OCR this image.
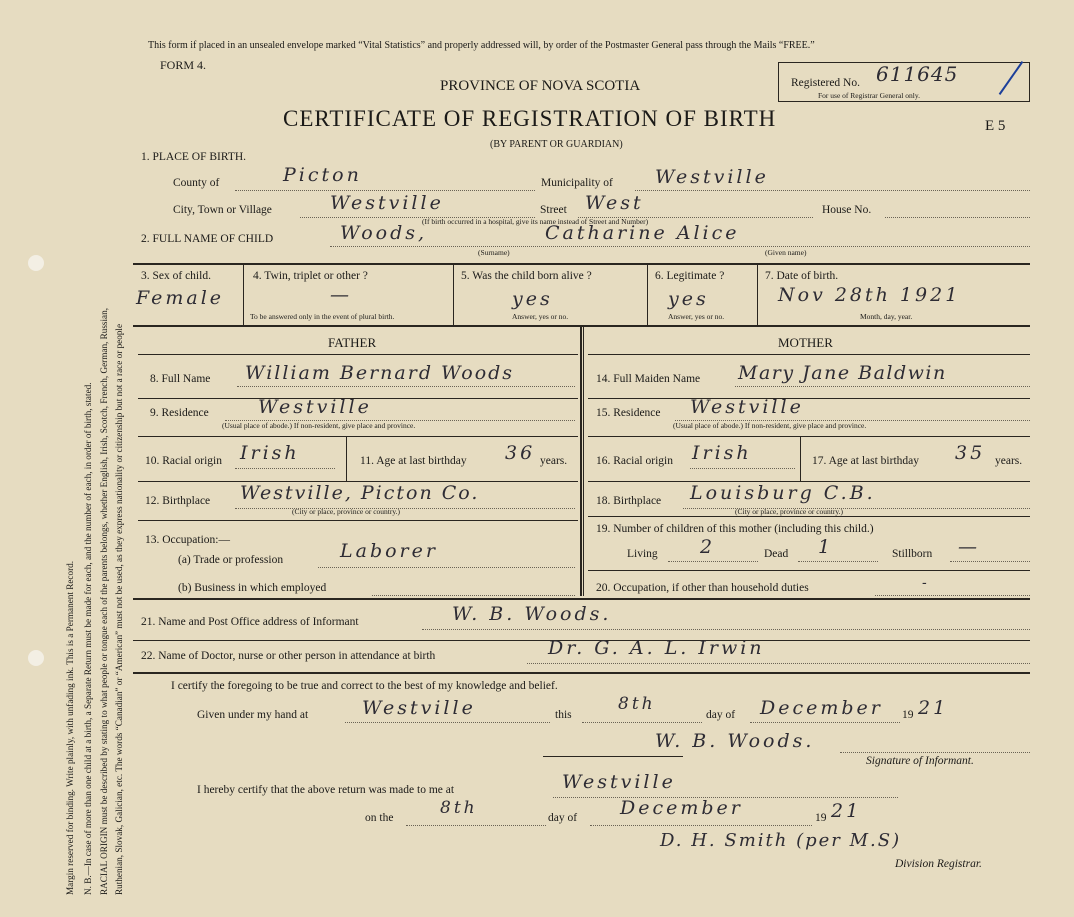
Margin reserved for binding. Write plainly, with unfading ink. This is a Permanent Record. N. B.—In case of more than one child at a birth, a Separate Return must be made for each, and the number of each, in order of birth, stated. RACIAL ORIGIN must be described by stating to what people or tongue each of the parents belongs, whether English, Irish, Scotch, French, German, Russian, Ruthenian, Slovak, Galician, etc. The words “Canadian” or “American” must not be used, as they express nationality or citizenship but not a race or people
This form if placed in an unsealed envelope marked “Vital Statistics” and properly addressed will, by order of the Postmaster General pass through the Mails “FREE.”
FORM 4.
PROVINCE OF NOVA SCOTIA
CERTIFICATE OF REGISTRATION OF BIRTH
(BY PARENT OR GUARDIAN)
E 5
Registered No. 611645
For use of Registrar General only.
1. PLACE OF BIRTH.
County of	Picton	Municipality of Westville
City, Town or Village	Westville	Street West	House No.
(If birth occurred in a hospital, give its name instead of Street and Number)
2. FULL NAME OF CHILD	Woods,	Catharine Alice
(Surname)	(Given name)
3. Sex of child.
Female
4. Twin, triplet or other ?
—
To be answered only in the event of plural birth.
5. Was the child born alive ?
yes
Answer, yes or no.
6. Legitimate ?
yes
Answer, yes or no.
7. Date of birth.
Nov 28th 1921
Month, day, year.
FATHER	MOTHER
8. Full Name William Bernard Woods
9. Residence	Westville
(Usual place of abode.) If non-resident, give place and province.
10. Racial origin Irish	11. Age at last birthday 36 years.
12. Birthplace Westville, Picton Co.
(City or place, province or country.)
13. Occupation:—
(a) Trade or profession	Laborer
(b) Business in which employed
14. Full Maiden Name Mary Jane Baldwin
15. Residence Westville
(Usual place of abode.) If non-resident, give place and province.
16. Racial origin Irish	17. Age at last birthday 35 years.
18. Birthplace Louisburg C.B.
(City or place, province or country.)
19. Number of children of this mother (including this child.)
Living 2	Dead 1	Stillborn —
20. Occupation, if other than household duties	-
21. Name and Post Office address of Informant	W. B. Woods.
22. Name of Doctor, nurse or other person in attendance at birth	Dr. G. A. L. Irwin
I certify the foregoing to be true and correct to the best of my knowledge and belief.
Given under my hand at	Westville	this
8th
day of December 19 21
W. B. Woods.
Signature of Informant.
I hereby certify that the above return was made to me at	Westville
on the	8th	day of December	19 21
D. H. Smith (per M.S)
Division Registrar.
